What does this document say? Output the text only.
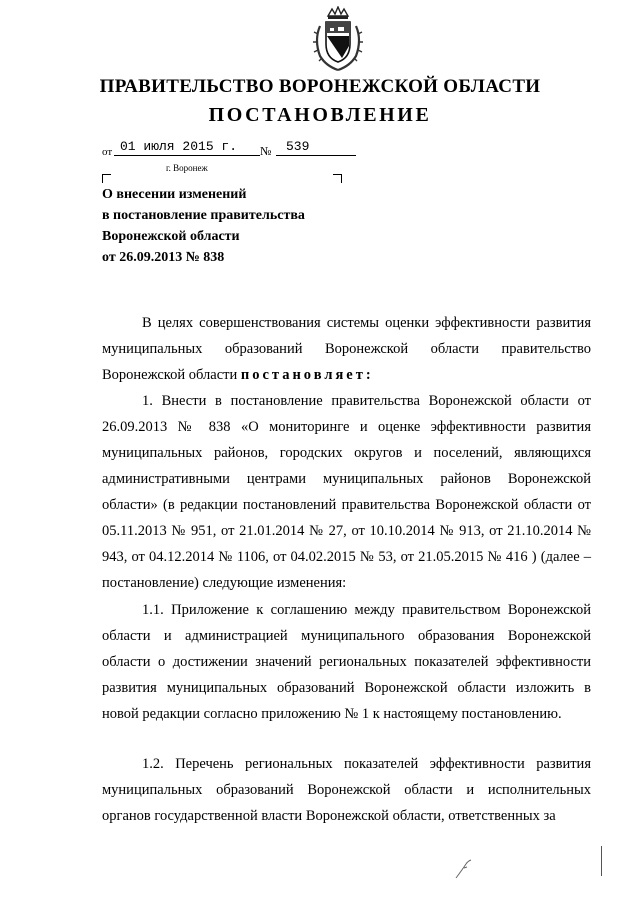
ПРАВИТЕЛЬСТВО ВОРОНЕЖСКОЙ ОБЛАСТИ
ПОСТАНОВЛЕНИЕ
от 01 июля 2015 г.	№	539
г. Воронеж
О внесении изменений
в постановление правительства
Воронежской области
от 26.09.2013 № 838

В целях совершенствования системы оценки эффективности развития муниципальных образований Воронежской области правительство Воронежской области постановляет:

1. Внести в постановление правительства Воронежской области от 26.09.2013 № 838 «О мониторинге и оценке эффективности развития муниципальных районов, городских округов и поселений, являющихся административными центрами муниципальных районов Воронежской области» (в редакции постановлений правительства Воронежской области от 05.11.2013 № 951, от 21.01.2014 № 27, от 10.10.2014 № 913, от 21.10.2014 № 943, от 04.12.2014 № 1106, от 04.02.2015 № 53, от 21.05.2015 № 416 ) (далее – постановление) следующие изменения:

1.1. Приложение к соглашению между правительством Воронежской области и администрацией муниципального образования Воронежской области о достижении значений региональных показателей эффективности развития муниципальных образований Воронежской области изложить в новой редакции согласно приложению № 1 к настоящему постановлению.

1.2. Перечень региональных показателей эффективности развития муниципальных образований Воронежской области и исполнительных органов государственной власти Воронежской области, ответственных за
